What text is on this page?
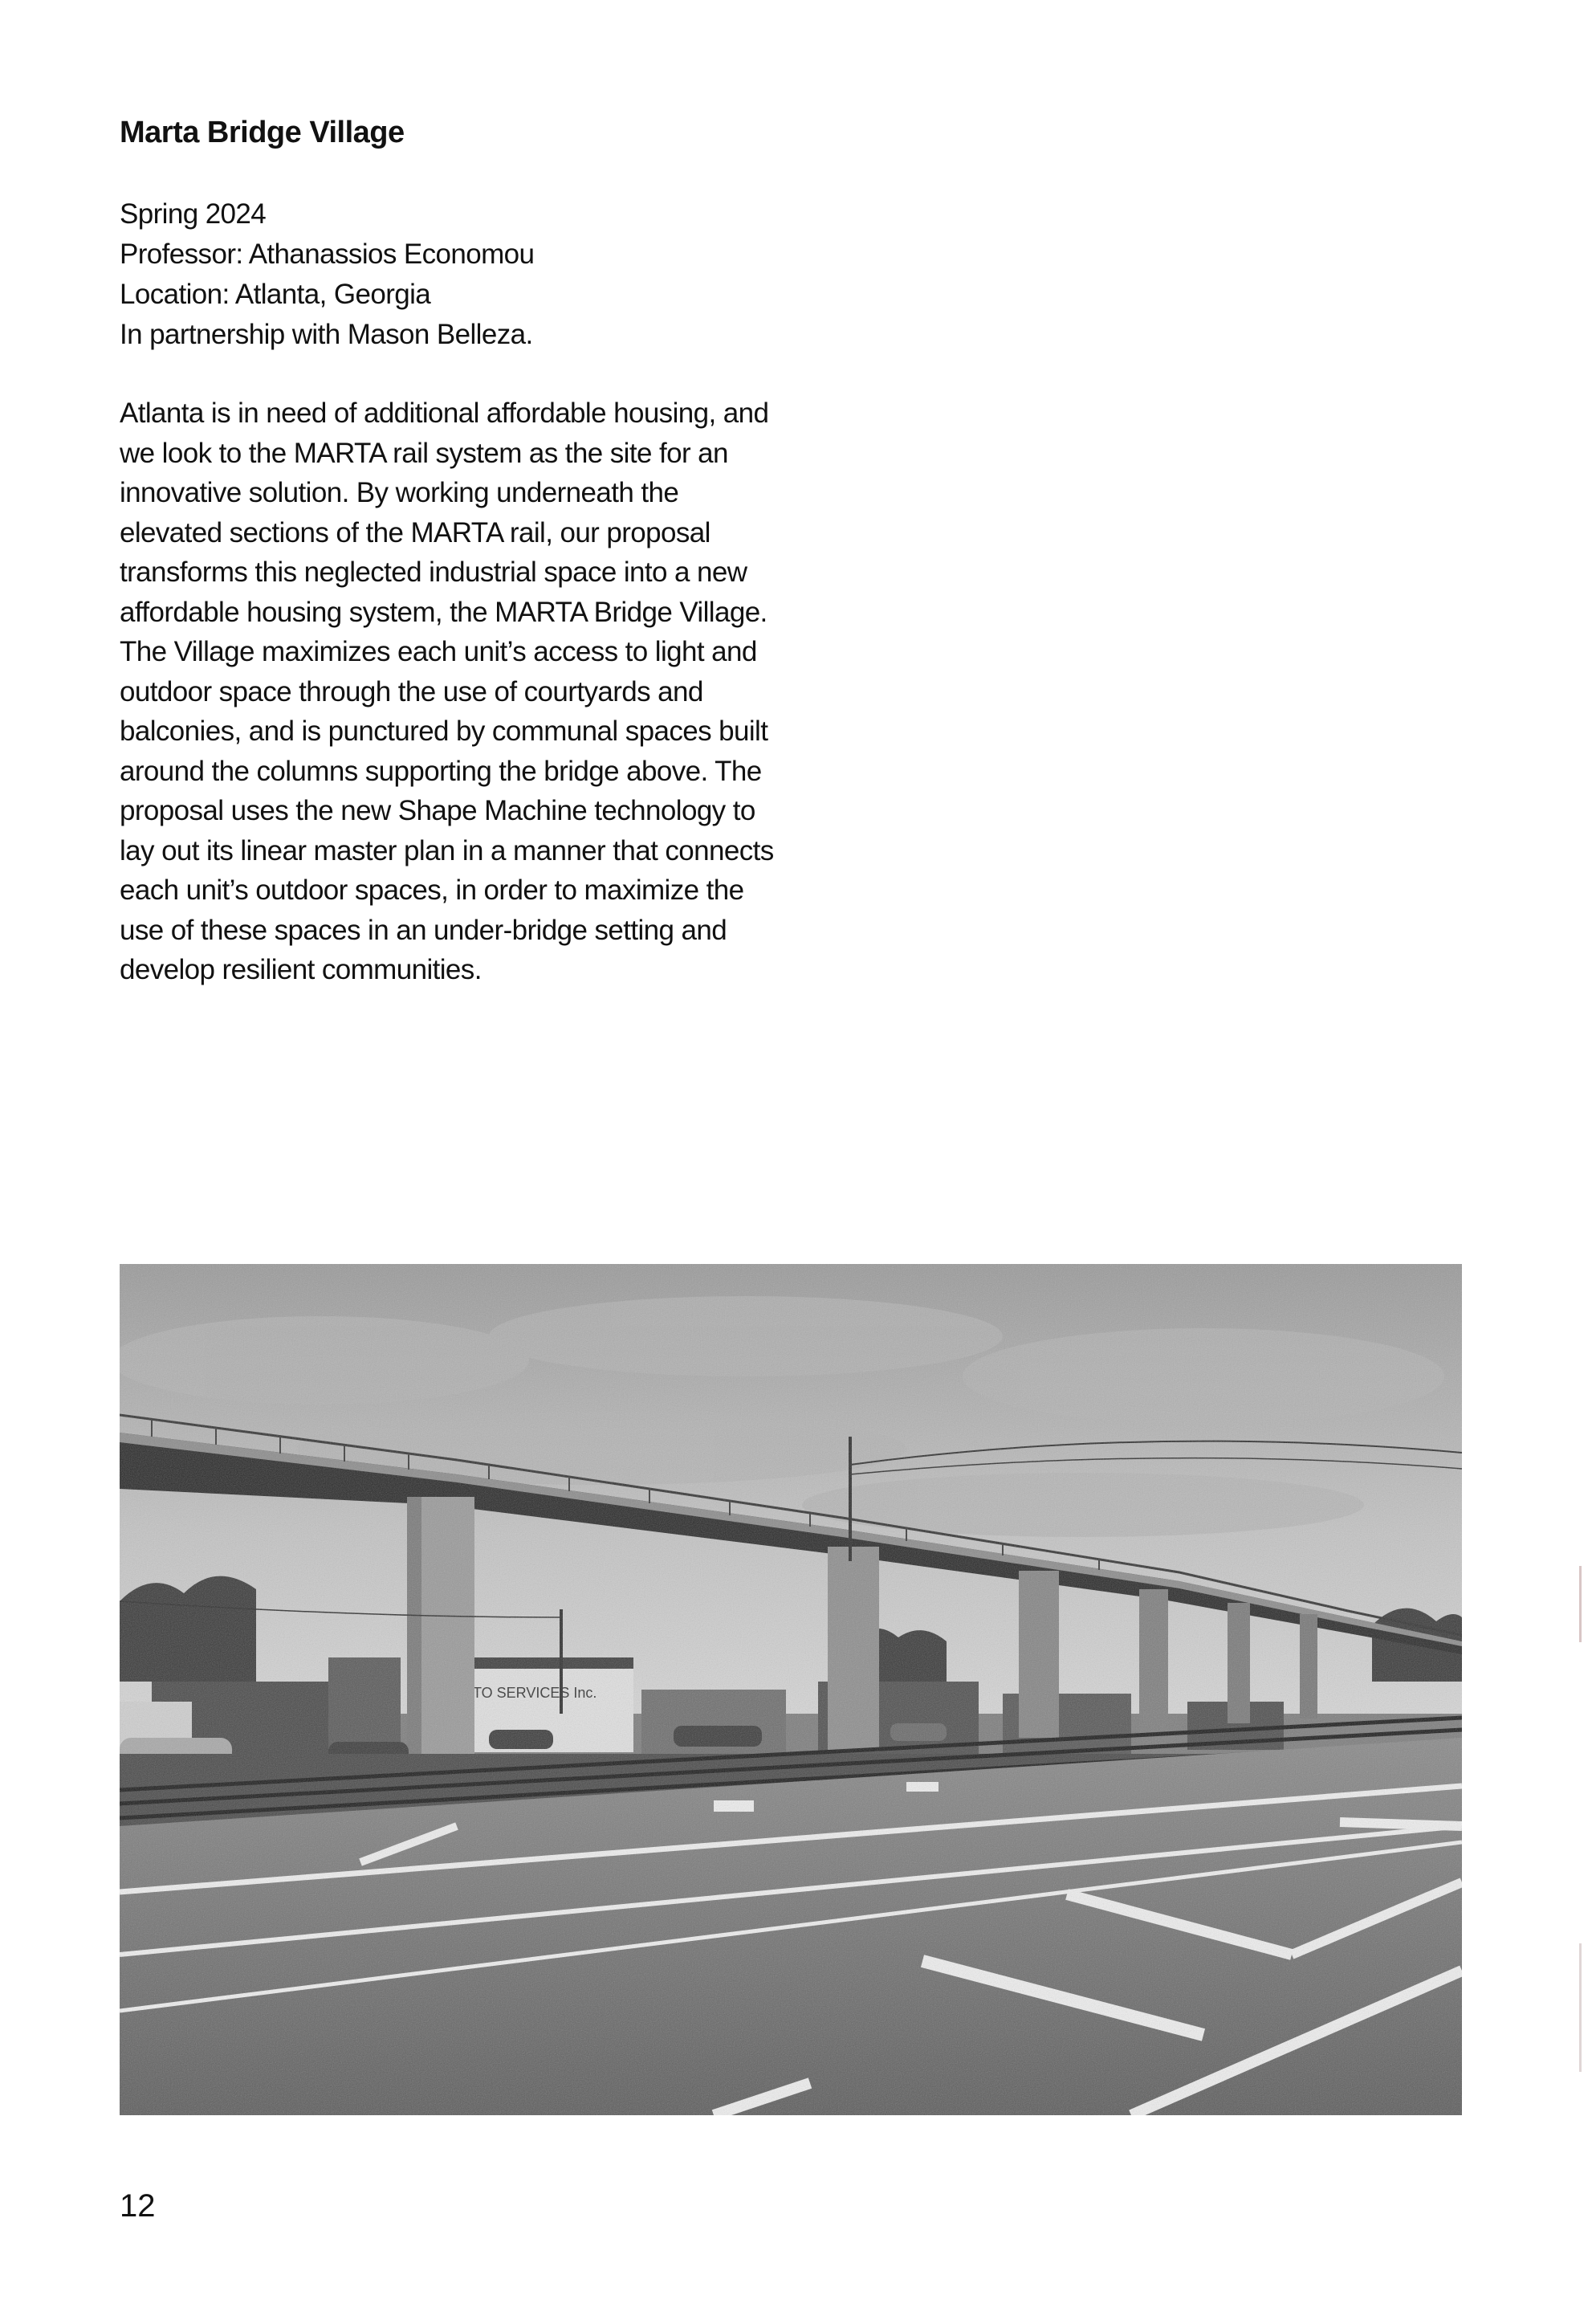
Marta Bridge Village
Spring 2024
Professor: Athanassios Economou
Location: Atlanta, Georgia
In partnership with Mason Belleza.
Atlanta is in need of additional affordable housing, and
we look to the MARTA rail system as the site for an
innovative solution. By working underneath the
elevated sections of the MARTA rail, our proposal
transforms this neglected industrial space into a new
affordable housing system, the MARTA Bridge Village.
The Village maximizes each unit’s access to light and
outdoor space through the use of courtyards and
balconies, and is punctured by communal spaces built
around the columns supporting the bridge above. The
proposal uses the new Shape Machine technology to
lay out its linear master plan in a manner that connects
each unit’s outdoor spaces, in order to maximize the
use of these spaces in an under-bridge setting and
develop resilient communities.
12
